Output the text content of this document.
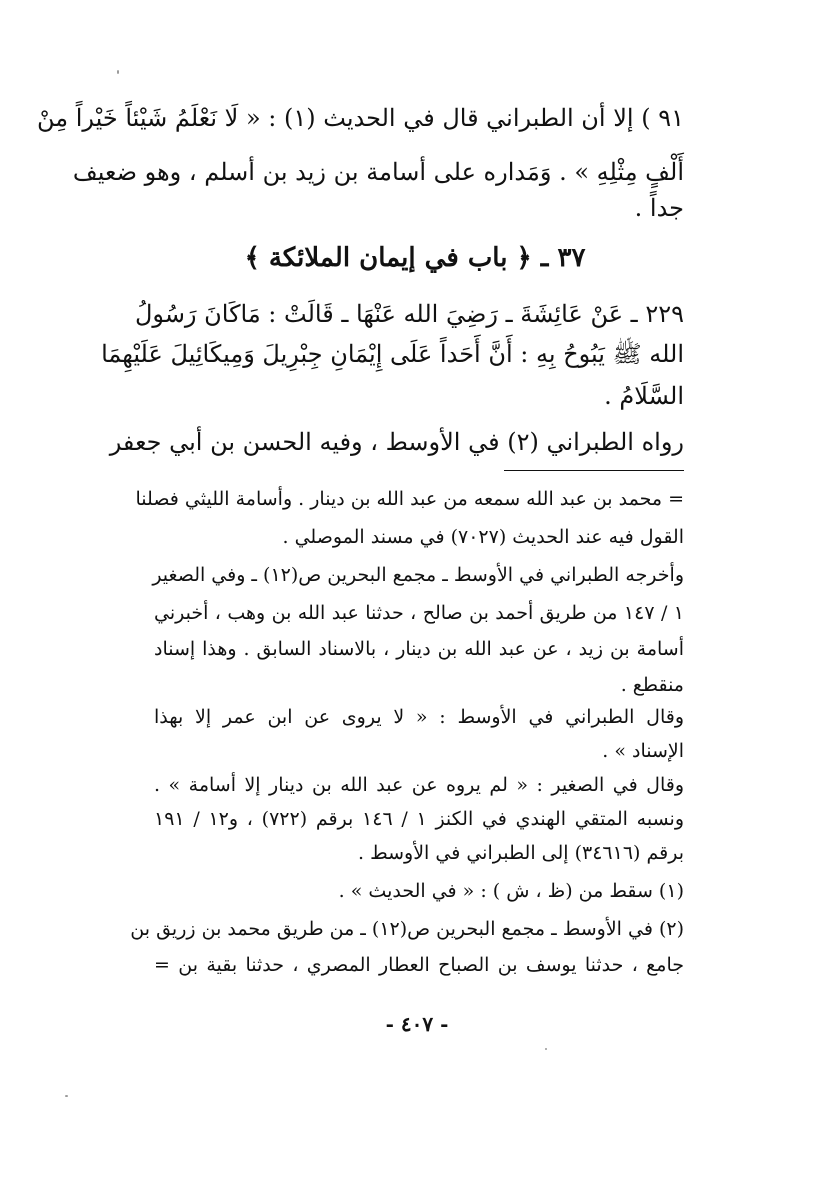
٩١ ) إلا أن الطبراني قال في الحديث (١) : « لَا نَعْلَمُ شَيْئاً خَيْراً مِنْ
أَلْفٍ مِثْلِهِ » . وَمَداره على أسامة بن زيد بن أسلم ، وهو ضعيف
جداً .
٣٧ ـ ﴿ باب في إيمان الملائكة ﴾
٢٢٩ ـ عَنْ عَائِشَةَ ـ رَضِيَ الله عَنْهَا ـ قَالَتْ : مَاكَانَ رَسُولُ
الله ﷺ يَبُوحُ بِهِ : أَنَّ أَحَداً عَلَى إِيْمَانِ جِبْرِيلَ وَمِيكَائِيلَ عَلَيْهِمَا
السَّلَامُ .
رواه الطبراني (٢) في الأوسط ، وفيه الحسن بن أبي جعفر
= محمد بن عبد الله سمعه من عبد الله بن دينار . وأسامة الليثي فصلنا
القول فيه عند الحديث (٧٠٢٧) في مسند الموصلي .
وأخرجه الطبراني في الأوسط ـ مجمع البحرين ص(١٢) ـ وفي الصغير
١ / ١٤٧ من طريق أحمد بن صالح ، حدثنا عبد الله بن وهب ، أخبرني
أسامة بن زيد ، عن عبد الله بن دينار ، بالاسناد السابق . وهذا إسناد
منقطع .
وقال الطبراني في الأوسط : « لا يروى عن ابن عمر إلا بهذا
الإسناد » .
وقال في الصغير : « لم يروه عن عبد الله بن دينار إلا أسامة » .
ونسبه المتقي الهندي في الكنز ١ / ١٤٦ برقم (٧٢٢) ، و١٢ / ١٩١
برقم (٣٤٦١٦) إلى الطبراني في الأوسط .
(١) سقط من (ظ ، ش ) : « في الحديث » .
(٢) في الأوسط ـ مجمع البحرين ص(١٢) ـ من طريق محمد بن زريق بن
جامع ، حدثنا يوسف بن الصباح العطار المصري ، حدثنا بقية بن =
- ٤٠٧ -
